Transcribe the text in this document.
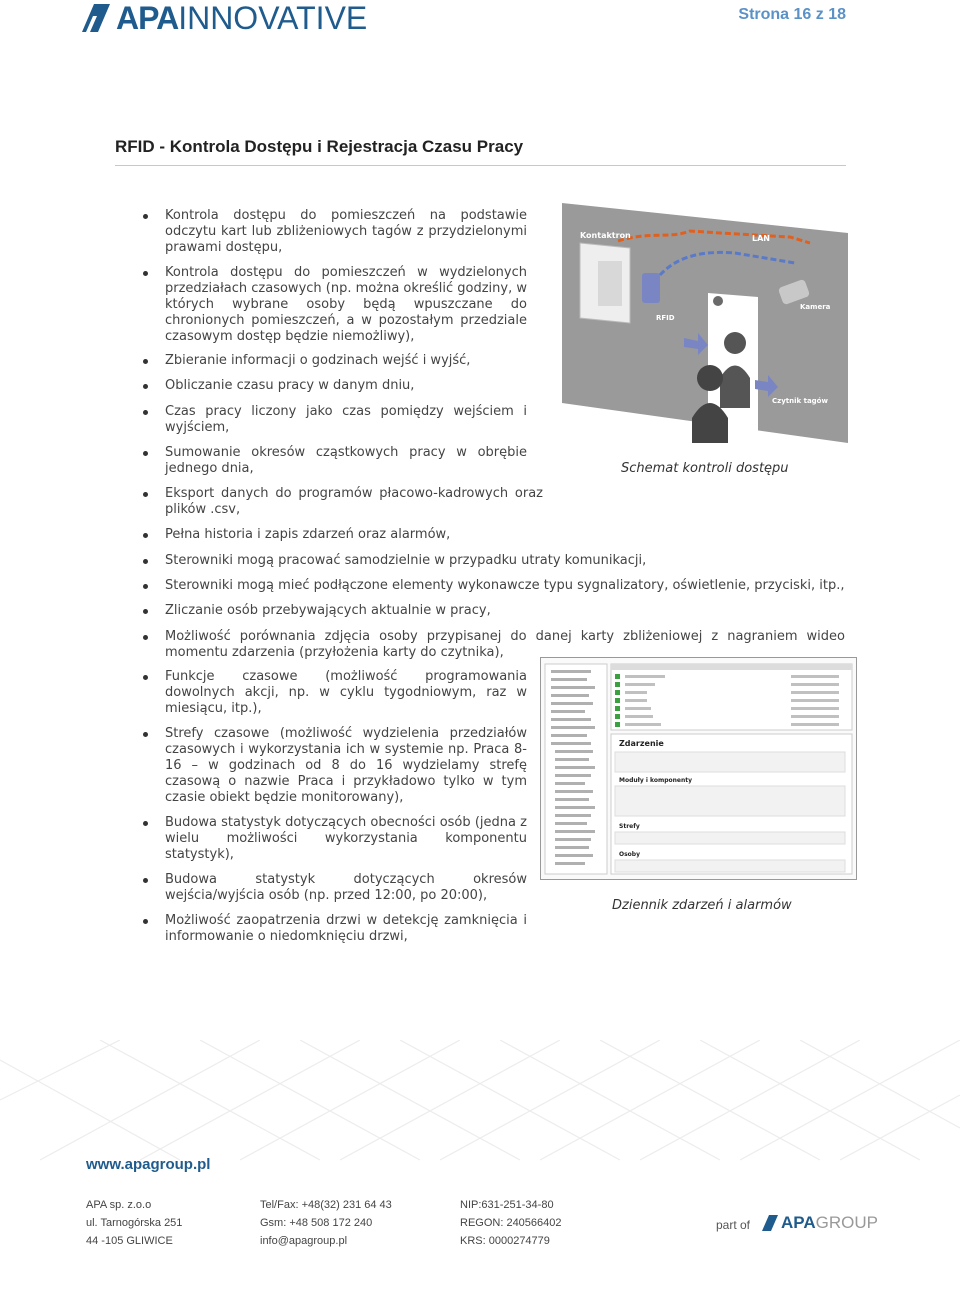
APA INNOVATIVE	Strona 16 z 18
RFID - Kontrola Dostępu i Rejestracja Czasu Pracy
Kontrola dostępu do pomieszczeń na podstawie odczytu kart lub zbliżeniowych tagów z przydzielonymi prawami dostępu,
Kontrola dostępu do pomieszczeń w wydzielonych przedziałach czasowych (np. można określić godziny, w których wybrane osoby będą wpuszczane do chronionych pomieszczeń, a w pozostałym przedziale czasowym dostęp będzie niemożliwy),
Zbieranie informacji o godzinach wejść i wyjść,
Obliczanie czasu pracy w danym dniu,
Czas pracy liczony jako czas pomiędzy wejściem i wyjściem,
Sumowanie okresów cząstkowych pracy w obrębie jednego dnia,
Eksport danych do programów płacowo-kadrowych oraz plików .csv,
Pełna historia i zapis zdarzeń oraz alarmów,
Sterowniki mogą pracować samodzielnie w przypadku utraty komunikacji,
Sterowniki mogą mieć podłączone elementy wykonawcze typu sygnalizatory, oświetlenie, przyciski, itp.,
Zliczanie osób przebywających aktualnie w pracy,
Możliwość porównania zdjęcia osoby przypisanej do danej karty zbliżeniowej z nagraniem wideo momentu zdarzenia (przyłożenia karty do czytnika),
Funkcje czasowe (możliwość programowania dowolnych akcji, np. w cyklu tygodniowym, raz w miesiącu, itp.),
Strefy czasowe (możliwość wydzielenia przedziałów czasowych i wykorzystania ich w systemie np. Praca 8-16 – w godzinach od 8 do 16 wydzielamy strefę czasową o nazwie Praca i przykładowo tylko w tym czasie obiekt będzie monitorowany),
Budowa statystyk dotyczących obecności osób (jedna z wielu możliwości wykorzystania komponentu statystyk),
Budowa statystyk dotyczących okresów wejścia/wyjścia osób (np. przed 12:00, po 20:00),
Możliwość zaopatrzenia drzwi w detekcję zamknięcia i informowanie o niedomknięciu drzwi,
Kontaktron	LAN
RFID
Kamera
Czytnik tagów
Schemat kontroli dostępu
Zdarzenie
Moduły i komponenty
Strefy
Osoby
Dziennik zdarzeń i alarmów
www.apagroup.pl
APA sp. z.o.o
ul. Tarnogórska 251
44 -105 GLIWICE
Tel/Fax: +48(32) 231 64 43
Gsm: +48 508 172 240
info@apagroup.pl
NIP:631-251-34-80
REGON: 240566402
KRS: 0000274779
part of APA GROUP
